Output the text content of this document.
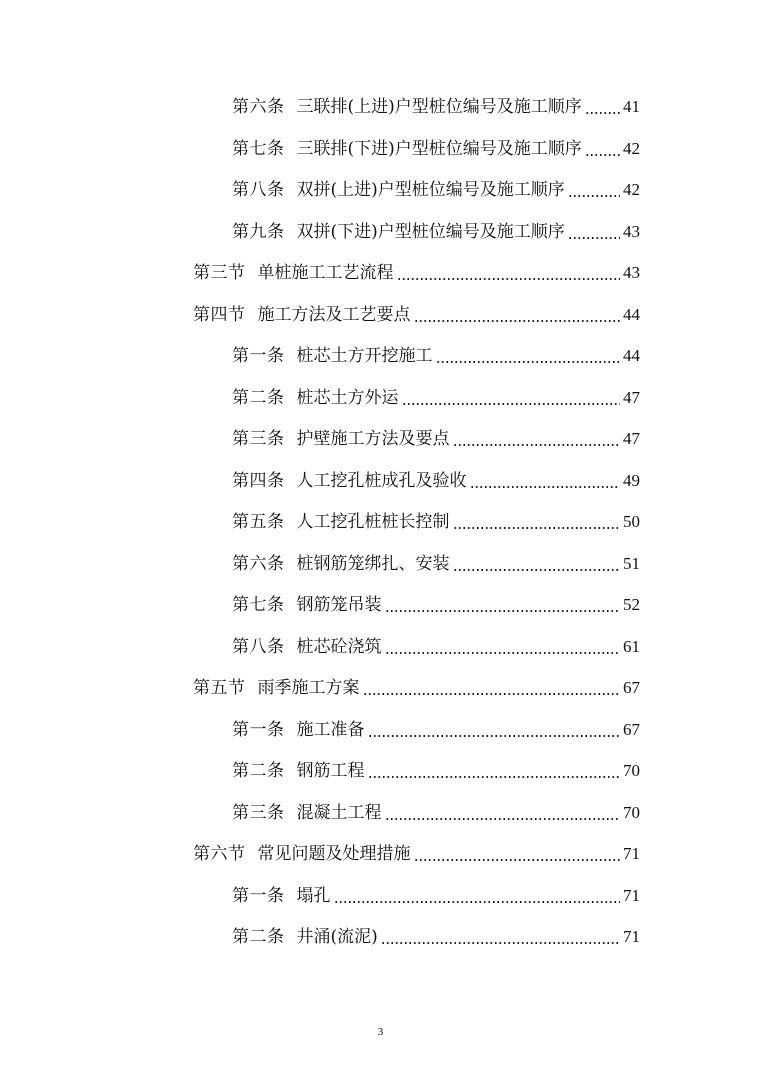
第六条 三联排(上进)户型桩位编号及施工顺序 41
第七条 三联排(下进)户型桩位编号及施工顺序 42
第八条 双拼(上进)户型桩位编号及施工顺序	42
第九条 双拼(下进)户型桩位编号及施工顺序	43
第三节 单桩施工工艺流程	43
第四节 施工方法及工艺要点	44
第一条 桩芯土方开挖施工	44
第二条 桩芯土方外运	47
第三条 护壁施工方法及要点	47
第四条 人工挖孔桩成孔及验收	49
第五条 人工挖孔桩桩长控制	50
第六条 桩钢筋笼绑扎、安装	51
第七条 钢筋笼吊装	52
第八条 桩芯砼浇筑	61
第五节 雨季施工方案	67
第一条 施工准备	67
第二条 钢筋工程	70
第三条 混凝土工程	70
第六节 常见问题及处理措施	71
第一条 塌孔	71
第二条 井涌(流泥)	71
3
